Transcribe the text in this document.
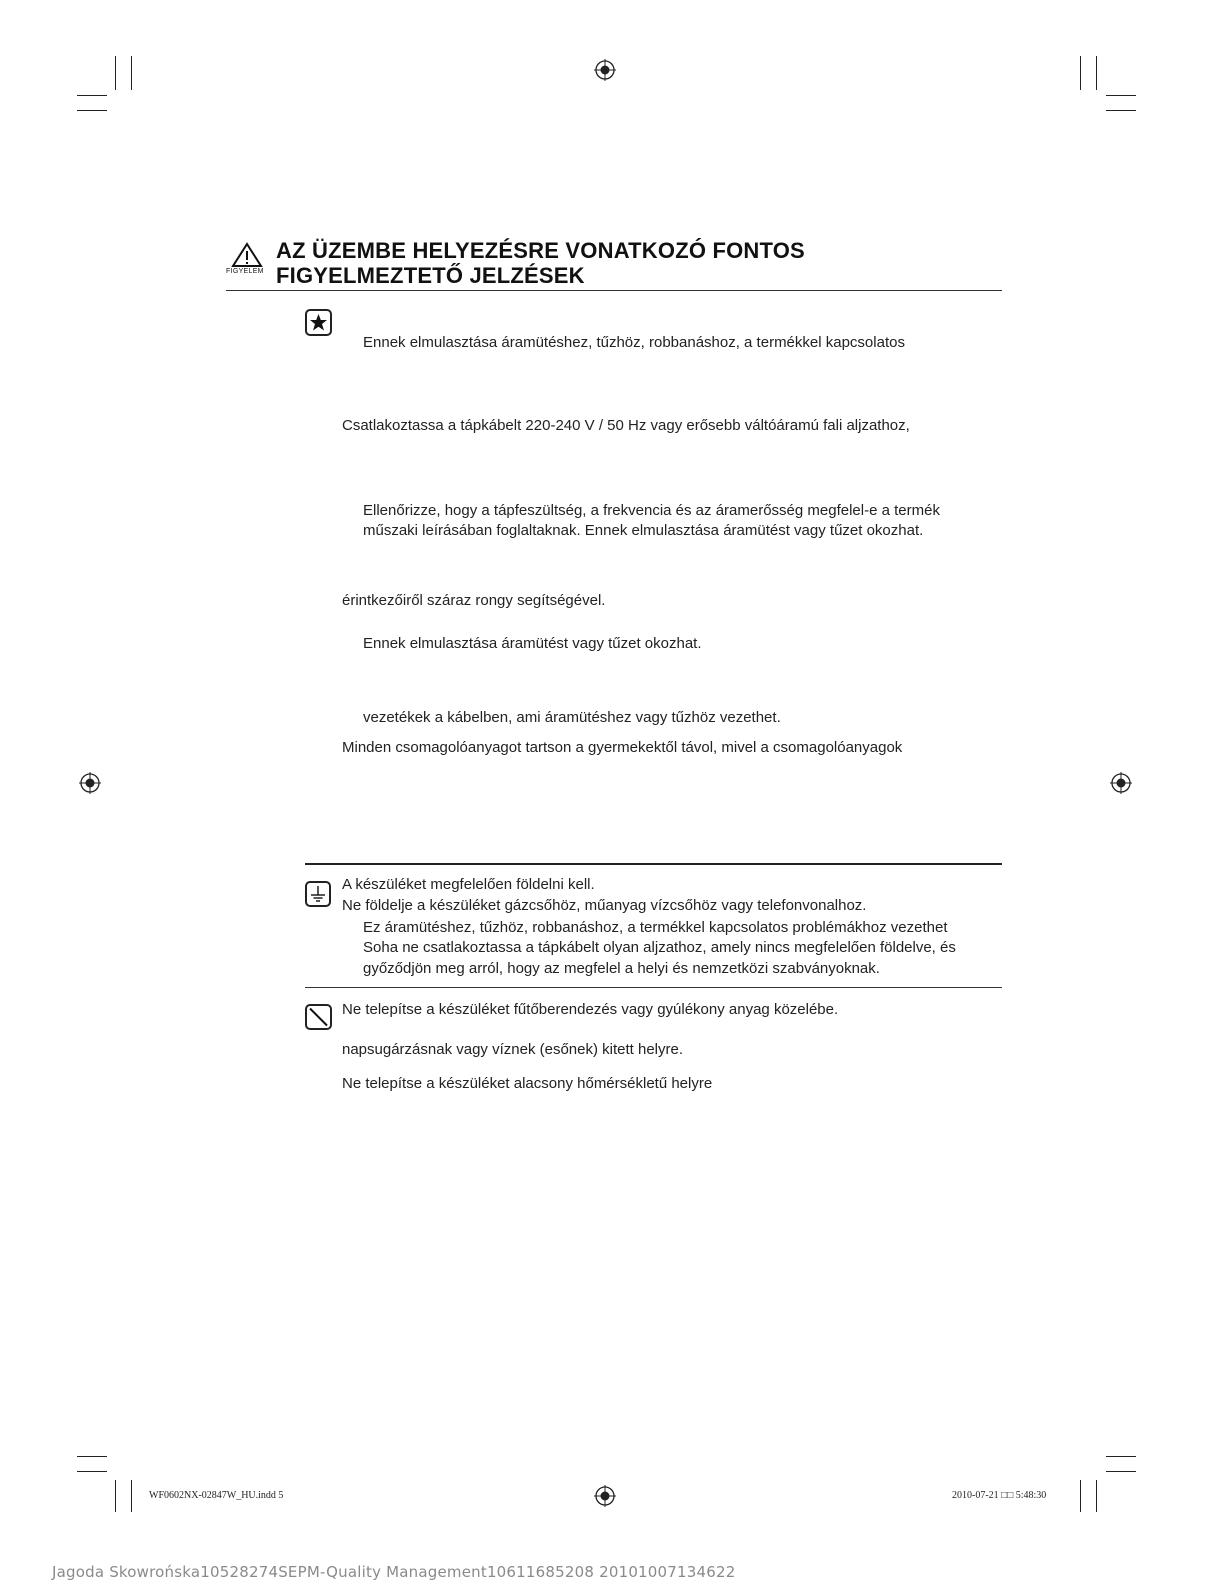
FIGYELEM
AZ ÜZEMBE HELYEZÉSRE VONATKOZÓ FONTOS
FIGYELMEZTETŐ JELZÉSEK
Ennek elmulasztása áramütéshez, tűzhöz, robbanáshoz, a termékkel kapcsolatos
Csatlakoztassa a tápkábelt 220-240 V / 50 Hz vagy erősebb váltóáramú fali aljzathoz,
Ellenőrizze, hogy a tápfeszültség, a frekvencia és az áramerősség megfelel-e a termék
műszaki leírásában foglaltaknak. Ennek elmulasztása áramütést vagy tűzet okozhat.
érintkezőiről száraz rongy segítségével.
Ennek elmulasztása áramütést vagy tűzet okozhat.
vezetékek a kábelben, ami áramütéshez vagy tűzhöz vezethet.
Minden csomagolóanyagot tartson a gyermekektől távol, mivel a csomagolóanyagok
A készüléket megfelelően földelni kell.
Ne földelje a készüléket gázcsőhöz, műanyag vízcsőhöz vagy telefonvonalhoz.
Ez áramütéshez, tűzhöz, robbanáshoz, a termékkel kapcsolatos problémákhoz vezethet
Soha ne csatlakoztassa a tápkábelt olyan aljzathoz, amely nincs megfelelően földelve, és
győződjön meg arról, hogy az megfelel a helyi és nemzetközi szabványoknak.
Ne telepítse a készüléket fűtőberendezés vagy gyúlékony anyag közelébe.
napsugárzásnak vagy víznek (esőnek) kitett helyre.
Ne telepítse a készüléket alacsony hőmérsékletű helyre
WF0602NX-02847W_HU.indd 5	2010-07-21 □□ 5:48:30
Jagoda Skowrońska10528274SEPM-Quality Management10611685208 20101007134622
